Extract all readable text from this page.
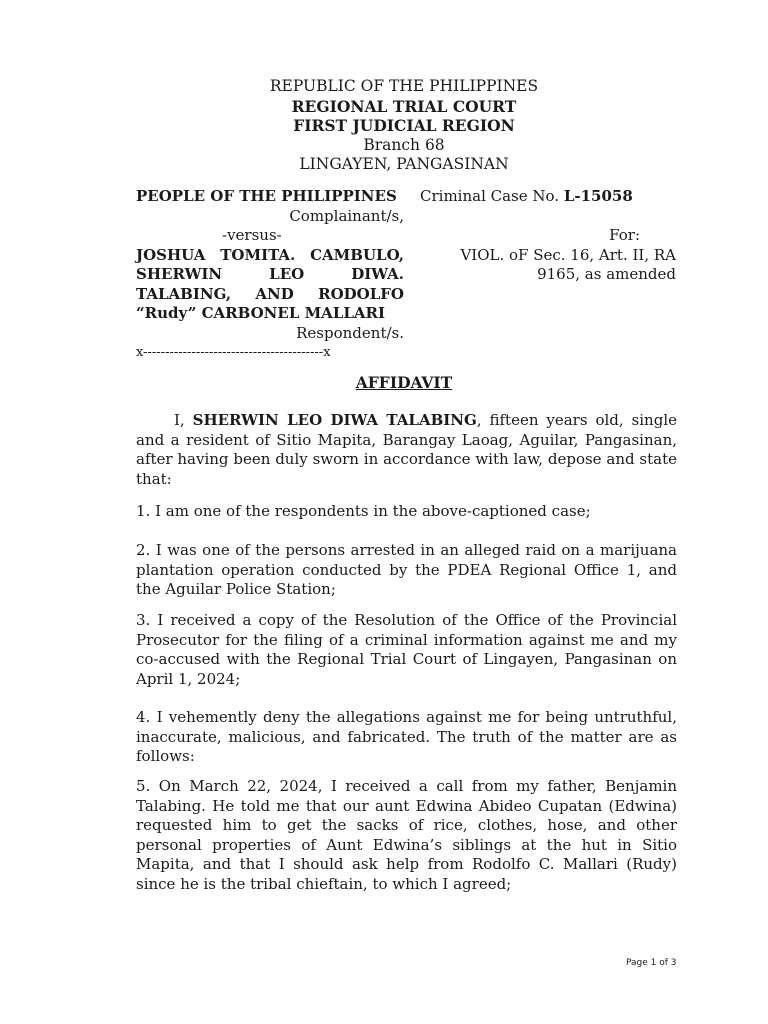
REPUBLIC OF THE PHILIPPINES
REGIONAL TRIAL COURT
FIRST JUDICIAL REGION
Branch 68
LINGAYEN, PANGASINAN
PEOPLE OF THE PHILIPPINES
Complainant/s,
-versus-
JOSHUA TOMITA. CAMBULO,
SHERWIN LEO DIWA.
TALABING, AND RODOLFO
“Rudy” CARBONEL MALLARI
Respondent/s.
x-----------------------------------------x
Criminal Case No. L-15058

For:
VIOL. oF Sec. 16, Art. II, RA
9165, as amended
AFFIDAVIT
I, SHERWIN LEO DIWA TALABING, fifteen years old, single and a resident of Sitio Mapita, Barangay Laoag, Aguilar, Pangasinan, after having been duly sworn in accordance with law, depose and state that:
1. I am one of the respondents in the above-captioned case;
2. I was one of the persons arrested in an alleged raid on a marijuana plantation operation conducted by the PDEA Regional Office 1, and the Aguilar Police Station;
3. I received a copy of the Resolution of the Office of the Provincial Prosecutor for the filing of a criminal information against me and my co-accused with the Regional Trial Court of Lingayen, Pangasinan on April 1, 2024;
4. I vehemently deny the allegations against me for being untruthful, inaccurate, malicious, and fabricated. The truth of the matter are as follows:
5. On March 22, 2024, I received a call from my father, Benjamin Talabing. He told me that our aunt Edwina Abideo Cupatan (Edwina) requested him to get the sacks of rice, clothes, hose, and other personal properties of Aunt Edwina’s siblings at the hut in Sitio Mapita, and that I should ask help from Rodolfo C. Mallari (Rudy) since he is the tribal chieftain, to which I agreed;
Page 1 of 3
